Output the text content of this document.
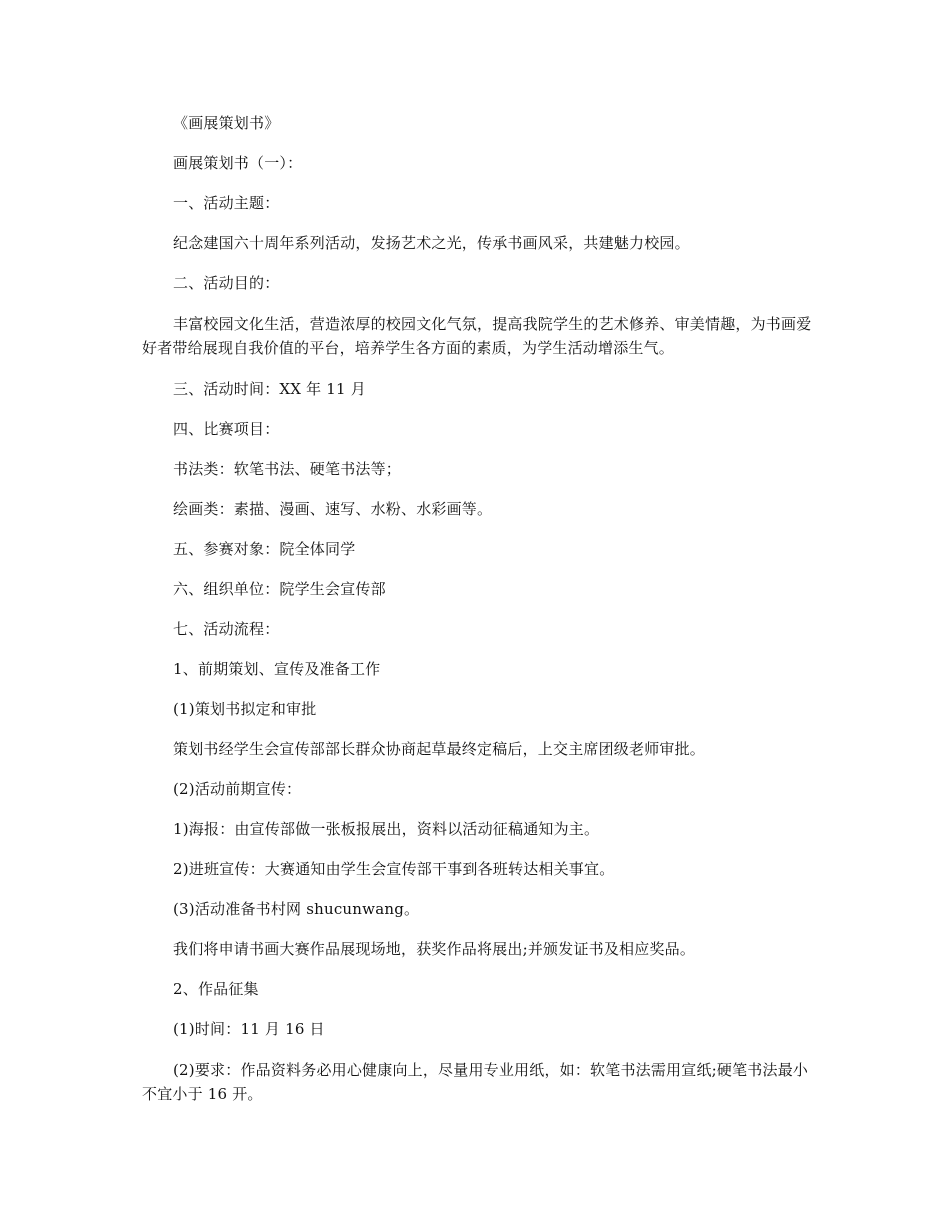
《画展策划书》

画展策划书（一）：

一、活动主题：

纪念建国六十周年系列活动，发扬艺术之光，传承书画风采，共建魅力校园。

二、活动目的：

丰富校园文化生活，营造浓厚的校园文化气氛，提高我院学生的艺术修养、审美情趣，为书画爱好者带给展现自我价值的平台，培养学生各方面的素质，为学生活动增添生气。

三、活动时间：XX 年 11 月

四、比赛项目：

书法类：软笔书法、硬笔书法等；

绘画类：素描、漫画、速写、水粉、水彩画等。

五、参赛对象：院全体同学

六、组织单位：院学生会宣传部

七、活动流程：

1、前期策划、宣传及准备工作

(1)策划书拟定和审批

策划书经学生会宣传部部长群众协商起草最终定稿后，上交主席团级老师审批。

(2)活动前期宣传：

1)海报：由宣传部做一张板报展出，资料以活动征稿通知为主。

2)进班宣传：大赛通知由学生会宣传部干事到各班转达相关事宜。

(3)活动准备书村网 shucunwang。

我们将申请书画大赛作品展现场地，获奖作品将展出;并颁发证书及相应奖品。

2、作品征集

(1)时间：11 月 16 日

(2)要求：作品资料务必用心健康向上，尽量用专业用纸，如：软笔书法需用宣纸;硬笔书法最小不宜小于 16 开。
